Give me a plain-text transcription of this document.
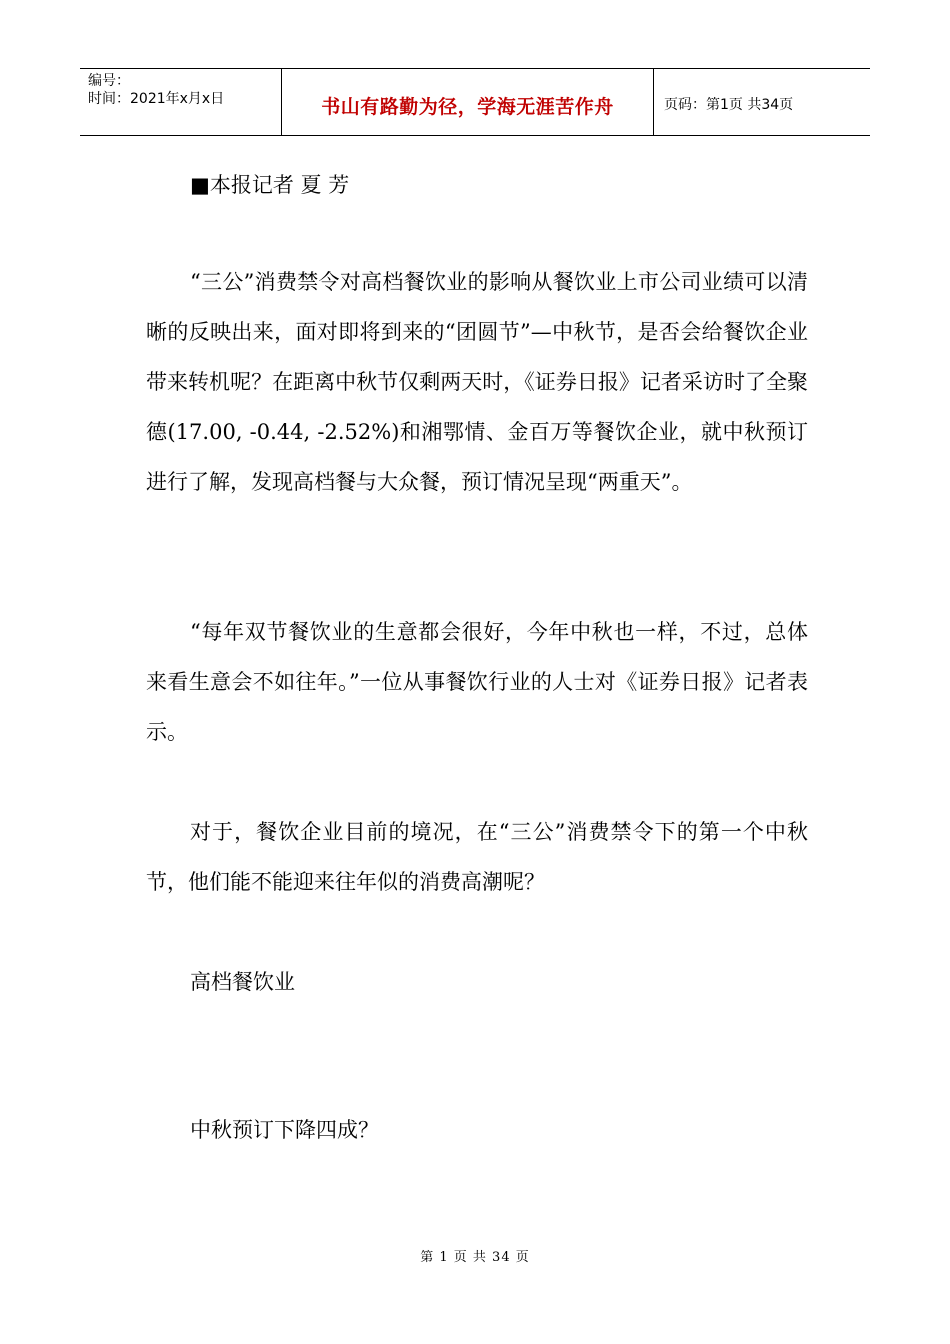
编号：
时间：2021年x月x日	书山有路勤为径，学海无涯苦作舟	页码：第1页 共34页

■本报记者 夏 芳

“三公”消费禁令对高档餐饮业的影响从餐饮业上市公司业绩可以清晰的反映出来，面对即将到来的“团圆节”—中秋节，是否会给餐饮企业带来转机呢？在距离中秋节仅剩两天时，《证券日报》记者采访时了全聚德(17.00, -0.44, -2.52%)和湘鄂情、金百万等餐饮企业，就中秋预订进行了解，发现高档餐与大众餐，预订情况呈现“两重天”。

“每年双节餐饮业的生意都会很好，今年中秋也一样，不过，总体来看生意会不如往年。”一位从事餐饮行业的人士对《证券日报》记者表示。

对于，餐饮企业目前的境况，在“三公”消费禁令下的第一个中秋节，他们能不能迎来往年似的消费高潮呢？

高档餐饮业

中秋预订下降四成？

第 1 页 共 34 页
